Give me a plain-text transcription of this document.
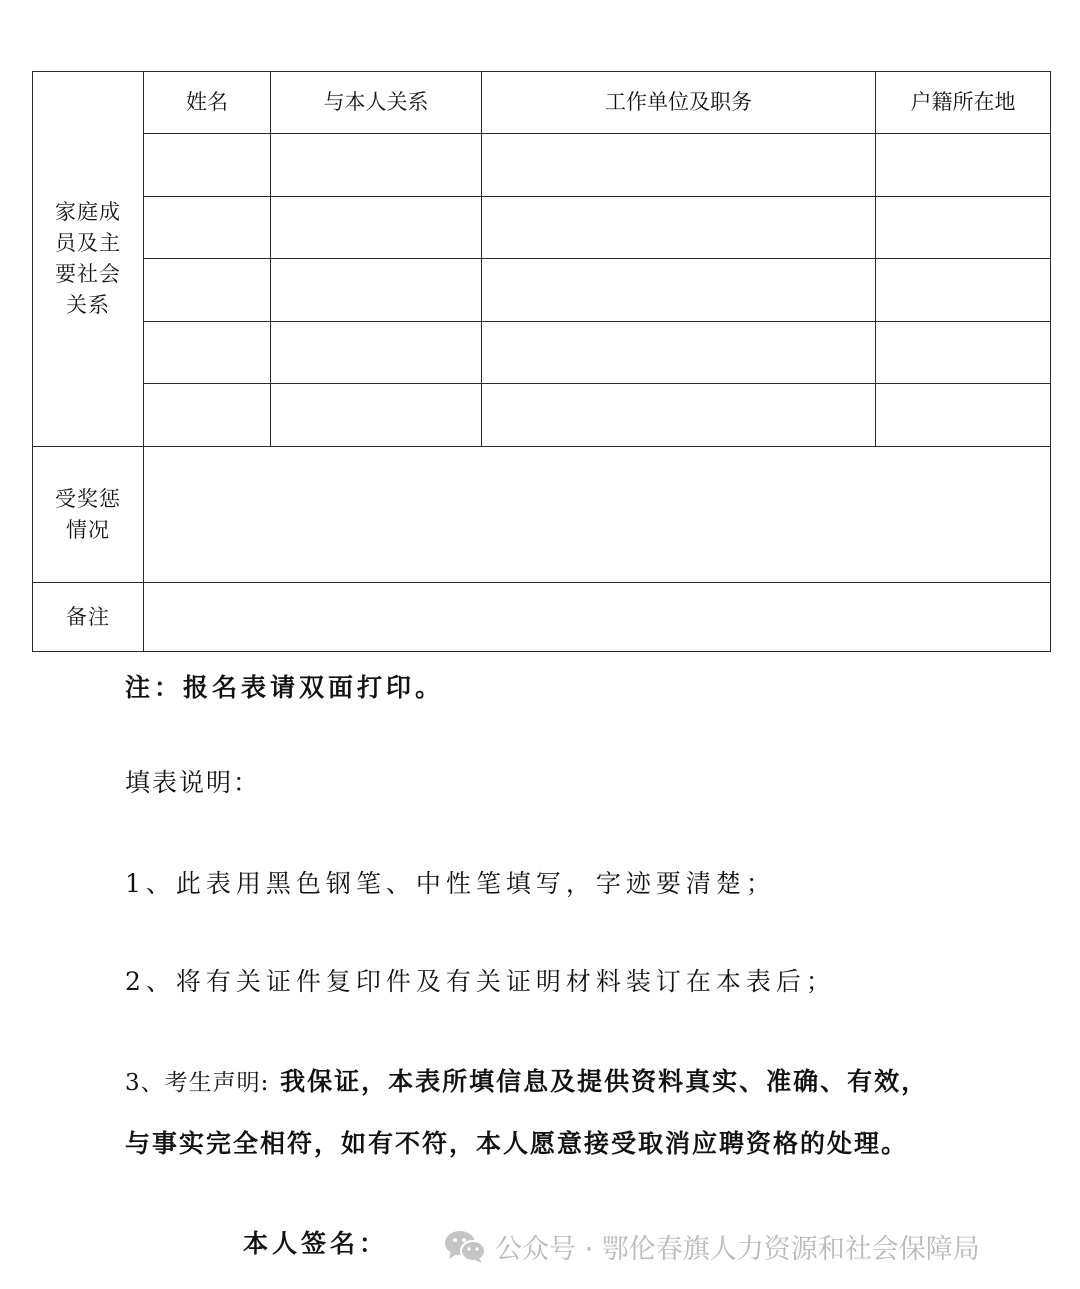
家庭成
员及主
要社会
关系	姓名	与本人关系	工作单位及职务	户籍所在地

受奖惩
情况				

备注				
注：报名表请双面打印。
填表说明：
1、此表用黑色钢笔、中性笔填写，字迹要清楚；
2、将有关证件复印件及有关证明材料装订在本表后；
3、考生声明: 我保证，本表所填信息及提供资料真实、准确、有效，
与事实完全相符，如有不符，本人愿意接受取消应聘资格的处理。
本人签名：	公众号 · 鄂伦春旗人力资源和社会保障局
